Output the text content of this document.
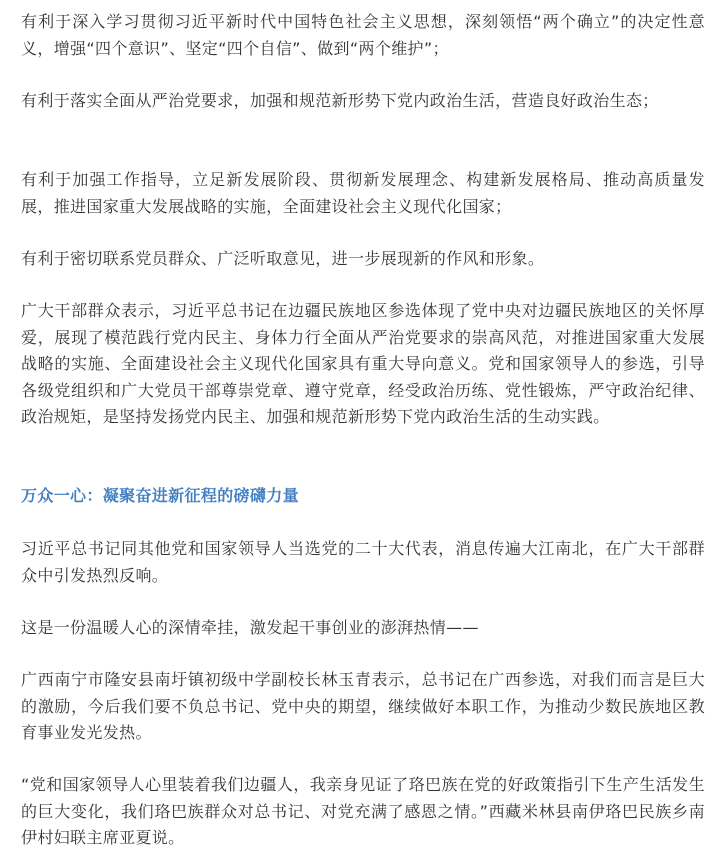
有利于深入学习贯彻习近平新时代中国特色社会主义思想，深刻领悟“两个确立”的决定性意义，增强“四个意识”、坚定“四个自信”、做到“两个维护”；

有利于落实全面从严治党要求，加强和规范新形势下党内政治生活，营造良好政治生态；

有利于加强工作指导，立足新发展阶段、贯彻新发展理念、构建新发展格局、推动高质量发展，推进国家重大发展战略的实施，全面建设社会主义现代化国家；

有利于密切联系党员群众、广泛听取意见，进一步展现新的作风和形象。

广大干部群众表示，习近平总书记在边疆民族地区参选体现了党中央对边疆民族地区的关怀厚爱，展现了模范践行党内民主、身体力行全面从严治党要求的崇高风范，对推进国家重大发展战略的实施、全面建设社会主义现代化国家具有重大导向意义。党和国家领导人的参选，引导各级党组织和广大党员干部尊崇党章、遵守党章，经受政治历练、党性锻炼，严守政治纪律、政治规矩，是坚持发扬党内民主、加强和规范新形势下党内政治生活的生动实践。

万众一心：凝聚奋进新征程的磅礴力量

习近平总书记同其他党和国家领导人当选党的二十大代表，消息传遍大江南北，在广大干部群众中引发热烈反响。

这是一份温暖人心的深情牵挂，激发起干事创业的澎湃热情——

广西南宁市隆安县南圩镇初级中学副校长林玉青表示，总书记在广西参选，对我们而言是巨大的激励，今后我们要不负总书记、党中央的期望，继续做好本职工作，为推动少数民族地区教育事业发光发热。

“党和国家领导人心里装着我们边疆人，我亲身见证了珞巴族在党的好政策指引下生产生活发生的巨大变化，我们珞巴族群众对总书记、对党充满了感恩之情。”西藏米林县南伊珞巴民族乡南伊村妇联主席亚夏说。
